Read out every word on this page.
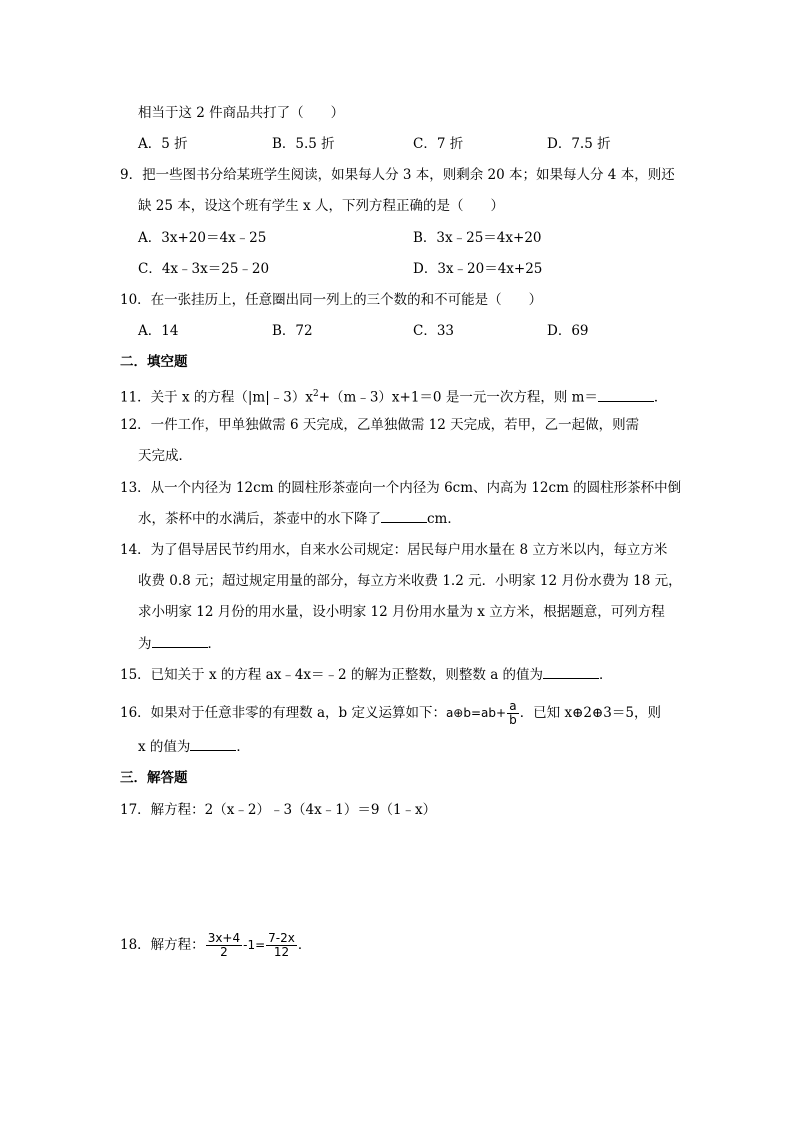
相当于这 2 件商品共打了（　　）
A．5 折	B．5.5 折	C．7 折	D．7.5 折
9．把一些图书分给某班学生阅读，如果每人分 3 本，则剩余 20 本；如果每人分 4 本，则还
缺 25 本，设这个班有学生 x 人，下列方程正确的是（　　）
A．3x+20＝4x﹣25	B．3x﹣25＝4x+20
C．4x﹣3x＝25﹣20	D．3x﹣20＝4x+25
10．在一张挂历上，任意圈出同一列上的三个数的和不可能是（　　）
A．14	B．72	C．33	D．69
二．填空题
11．关于 x 的方程$(|m|﹣3)x^2+(m﹣3)x+1=0$ 是一元一次方程，则 m＝	．
12．一件工作，甲单独做需 6 天完成，乙单独做需 12 天完成，若甲，乙一起做，则需
天完成．
13．从一个内径为 12cm 的圆柱形茶壶向一个内径为 6cm、内高为 12cm 的圆柱形茶杯中倒
水，茶杯中的水满后，茶壶中的水下降了	cm．
14．为了倡导居民节约用水，自来水公司规定：居民每户用水量在 8 立方米以内，每立方米
收费 0.8 元；超过规定用量的部分，每立方米收费 1.2 元．小明家 12 月份水费为 18 元，
求小明家 12 月份的用水量，设小明家 12 月份用水量为 x 立方米，根据题意，可列方程
为	．
15．已知关于 x 的方程 ax﹣4x＝﹣2 的解为正整数，则整数 a 的值为	．
16．如果对于任意非零的有理数 a，b 定义运算如下：a⊕b=ab+ $\frac{a}{b}$ ．已知 x⊕2⊕3＝5，则
x 的值为	．
三．解答题
17．解方程：2（x﹣2）﹣3（4x﹣1）＝9（1﹣x）
18．解方程： $\frac{3x+4}{2} -1= \frac{7-2x}{12}$ ．
